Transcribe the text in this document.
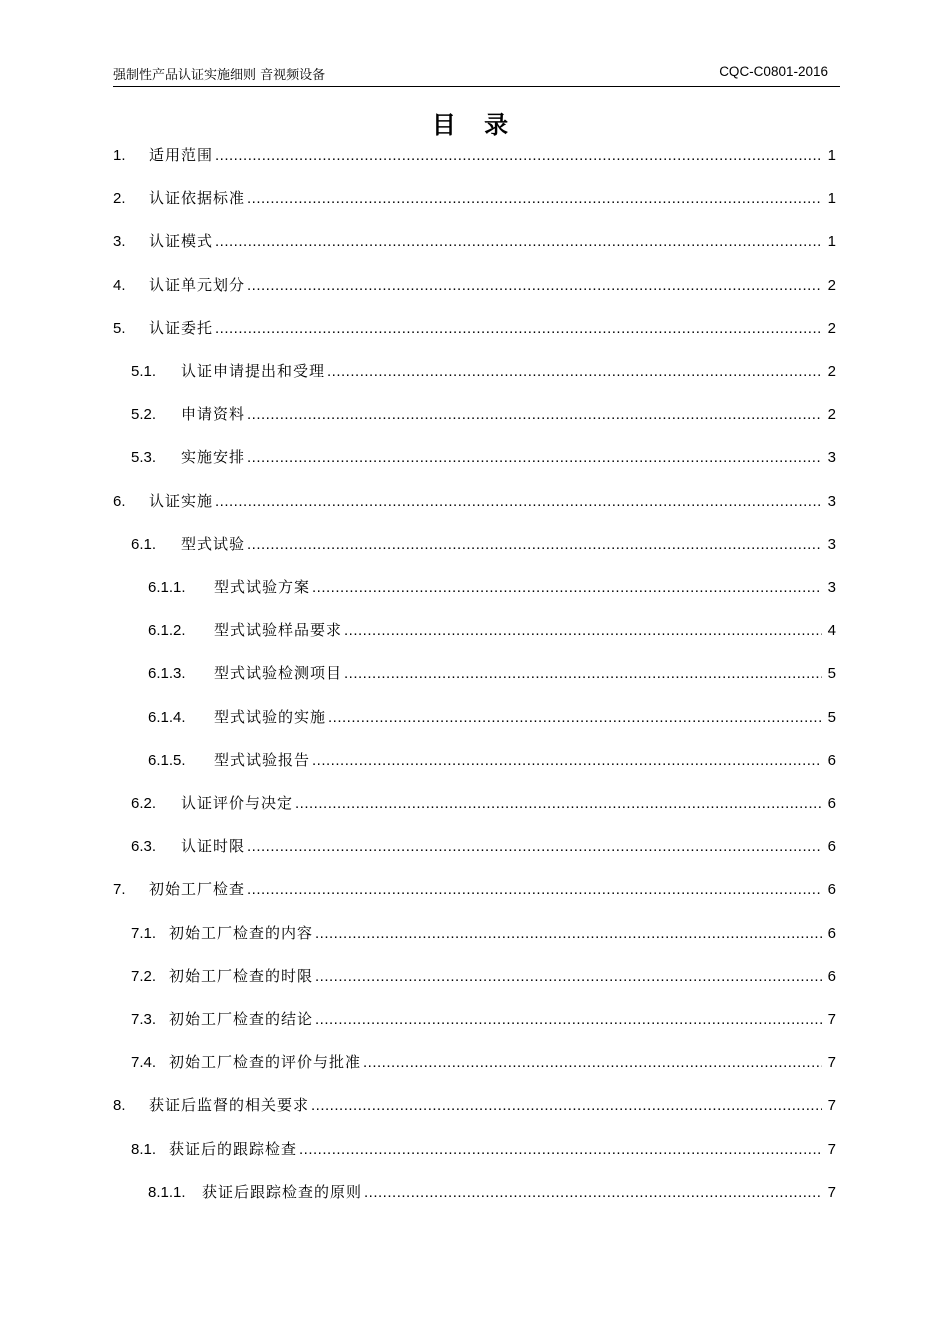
强制性产品认证实施细则 音视频设备	CQC-C0801-2016
目 录
1.	适用范围 .....	1
2.	认证依据标准 .....	1
3.	认证模式 .....	1
4.	认证单元划分 .....	2
5.	认证委托 .....	2
5.1.	认证申请提出和受理 .....	2
5.2.	申请资料 .....	2
5.3.	实施安排 .....	3
6.	认证实施 .....	3
6.1.	型式试验 .....	3
6.1.1.	型式试验方案 .....	3
6.1.2.	型式试验样品要求 .....	4
6.1.3.	型式试验检测项目 .....	5
6.1.4.	型式试验的实施 .....	5
6.1.5.	型式试验报告 .....	6
6.2.	认证评价与决定 .....	6
6.3.	认证时限 .....	6
7.	初始工厂检查 .....	6
7.1. 初始工厂检查的内容 .....	6
7.2. 初始工厂检查的时限 .....	6
7.3. 初始工厂检查的结论 .....	7
7.4. 初始工厂检查的评价与批准 .....	7
8.	获证后监督的相关要求 .....	7
8.1. 获证后的跟踪检查 .....	7
8.1.1.	获证后跟踪检查的原则 .....	7
